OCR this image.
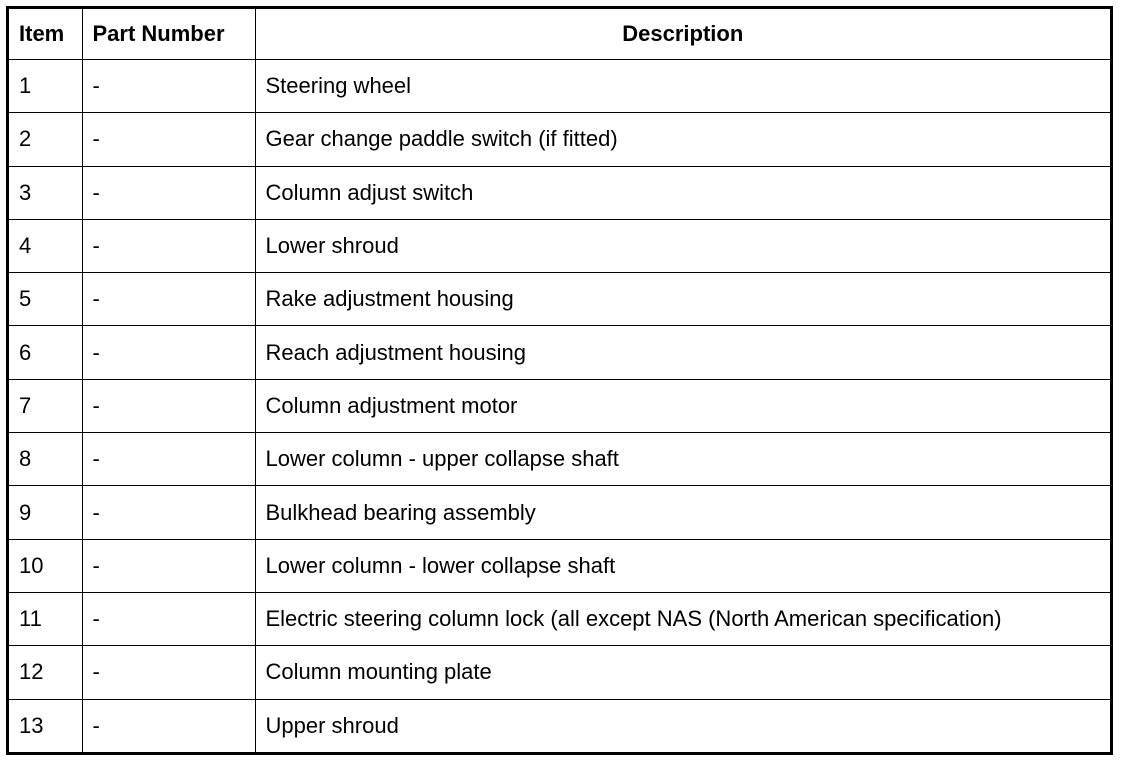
Item	Part Number	Description
1	-	Steering wheel
2	-	Gear change paddle switch (if fitted)
3	-	Column adjust switch
4	-	Lower shroud
5	-	Rake adjustment housing
6	-	Reach adjustment housing
7	-	Column adjustment motor
8	-	Lower column - upper collapse shaft
9	-	Bulkhead bearing assembly
10	-	Lower column - lower collapse shaft
11	-	Electric steering column lock (all except NAS (North American specification)
12	-	Column mounting plate
13	-	Upper shroud
